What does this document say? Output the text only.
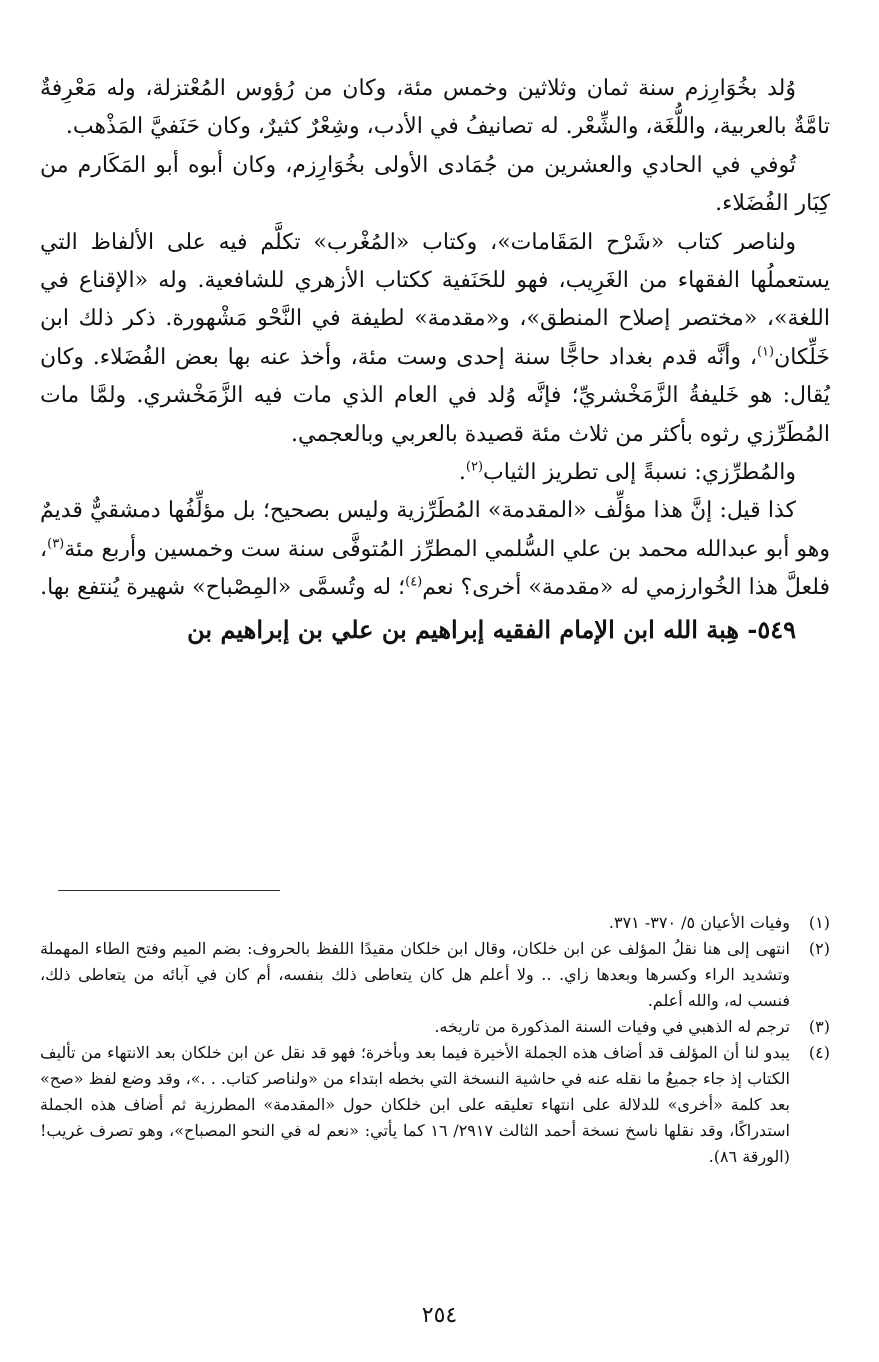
وُلد بخُوَارِزم سنة ثمان وثلاثين وخمس مئة، وكان من رُؤوس المُعْتزلة، وله مَعْرِفةٌ تامَّةٌ بالعربية، واللُّغَة، والشِّعْر. له تصانيفُ في الأدب، وشِعْرٌ كثيرٌ، وكان حَنَفيَّ المَذْهب.

تُوفي في الحادي والعشرين من جُمَادى الأولى بخُوَارِزم، وكان أبوه أبو المَكَارم من كِبَار الفُضَلاء.

ولناصر كتاب «شَرْح المَقَامات»، وكتاب «المُغْرب» تكلَّم فيه على الألفاظ التي يستعملُها الفقهاء من الغَرِيب، فهو للحَنَفية ككتاب الأزهري للشافعية. وله «الإقناع في اللغة»، «مختصر إصلاح المنطق»، و«مقدمة» لطيفة في النَّحْو مَشْهورة. ذكر ذلك ابن خَلِّكان$^{(١)}$، وأنَّه قدم بغداد حاجًّا سنة إحدى وست مئة، وأخذ عنه بها بعض الفُضَلاء. وكان يُقال: هو خَليفةُ الزَّمَخْشريِّ؛ فإنَّه وُلد في العام الذي مات فيه الزَّمَخْشري. ولمَّا مات المُطَرِّزي رثوه بأكثر من ثلاث مئة قصيدة بالعربي وبالعجمي.

والمُطرِّزي: نسبةً إلى تطريز الثياب$^{(٢)}$.

كذا قيل: إنَّ هذا مؤلِّف «المقدمة» المُطَرِّزية وليس بصحيح؛ بل مؤلِّفُها دمشقيٌّ قديمٌ وهو أبو عبدالله محمد بن علي السُّلمي المطرِّز المُتوفَّى سنة ست وخمسين وأربع مئة$^{(٣)}$، فلعلَّ هذا الخُوارزمي له «مقدمة» أخرى؟ نعم$^{(٤)}$؛ له وتُسمَّى «المِصْباح» شهيرة يُنتفع بها.

٥٤٩- هِبة الله ابن الإمام الفقيه إبراهيم بن علي بن إبراهيم بن
(١)
وفيات الأعيان ٥/ ٣٧٠- ٣٧١.
(٢)
انتهى إلى هنا نقلُ المؤلف عن ابن خلكان، وقال ابن خلكان مقيدًا اللفظ بالحروف: بضم الميم وفتح الطاء المهملة وتشديد الراء وكسرها وبعدها زاي. .. ولا أعلم هل كان يتعاطى ذلك بنفسه، أم كان في آبائه من يتعاطى ذلك، فنسب له، والله أعلم.
(٣)
ترجم له الذهبي في وفيات السنة المذكورة من تاريخه.
(٤)
يبدو لنا أن المؤلف قد أضاف هذه الجملة الأخيرة فيما بعد وبأخرة؛ فهو قد نقل عن ابن خلكان بعد الانتهاء من تأليف الكتاب إذ جاء جميعُ ما نقله عنه في حاشية النسخة التي بخطه ابتداء من «ولناصر كتاب. . .»، وقد وضع لفظ «صح» بعد كلمة «أخرى» للدلالة على انتهاء تعليقه على ابن خلكان حول «المقدمة» المطرزية ثم أضاف هذه الجملة استدراكًا، وقد نقلها ناسخ نسخة أحمد الثالث ٢٩١٧/ ١٦ كما يأتي: «نعم له في النحو المصباح»، وهو تصرف غريب! (الورقة ٨٦).
٢٥٤
